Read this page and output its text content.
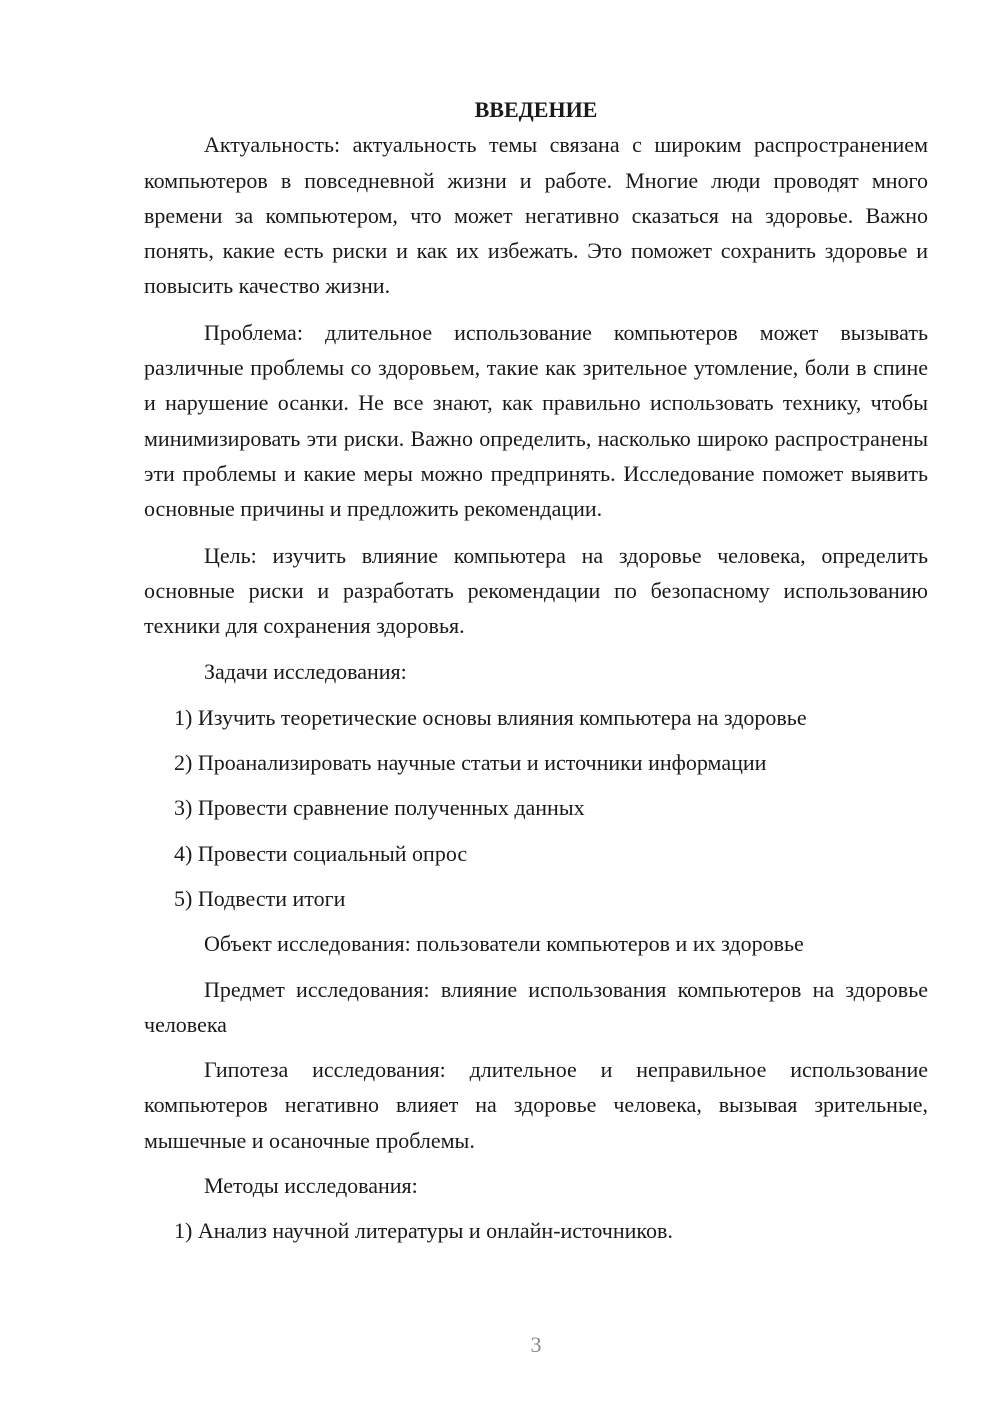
ВВЕДЕНИЕ

Актуальность: актуальность темы связана с широким распространением компьютеров в повседневной жизни и работе. Многие люди проводят много времени за компьютером, что может негативно сказаться на здоровье. Важно понять, какие есть риски и как их избежать. Это поможет сохранить здоровье и повысить качество жизни.

Проблема: длительное использование компьютеров может вызывать различные проблемы со здоровьем, такие как зрительное утомление, боли в спине и нарушение осанки. Не все знают, как правильно использовать технику, чтобы минимизировать эти риски. Важно определить, насколько широко распространены эти проблемы и какие меры можно предпринять. Исследование поможет выявить основные причины и предложить рекомендации.

Цель: изучить влияние компьютера на здоровье человека, определить основные риски и разработать рекомендации по безопасному использованию техники для сохранения здоровья.

Задачи исследования:

1) Изучить теоретические основы влияния компьютера на здоровье

2) Проанализировать научные статьи и источники информации

3) Провести сравнение полученных данных

4) Провести социальный опрос

5) Подвести итоги

Объект исследования: пользователи компьютеров и их здоровье

Предмет исследования: влияние использования компьютеров на здоровье человека

Гипотеза исследования: длительное и неправильное использование компьютеров негативно влияет на здоровье человека, вызывая зрительные, мышечные и осаночные проблемы.

Методы исследования:

1) Анализ научной литературы и онлайн-источников.

3
